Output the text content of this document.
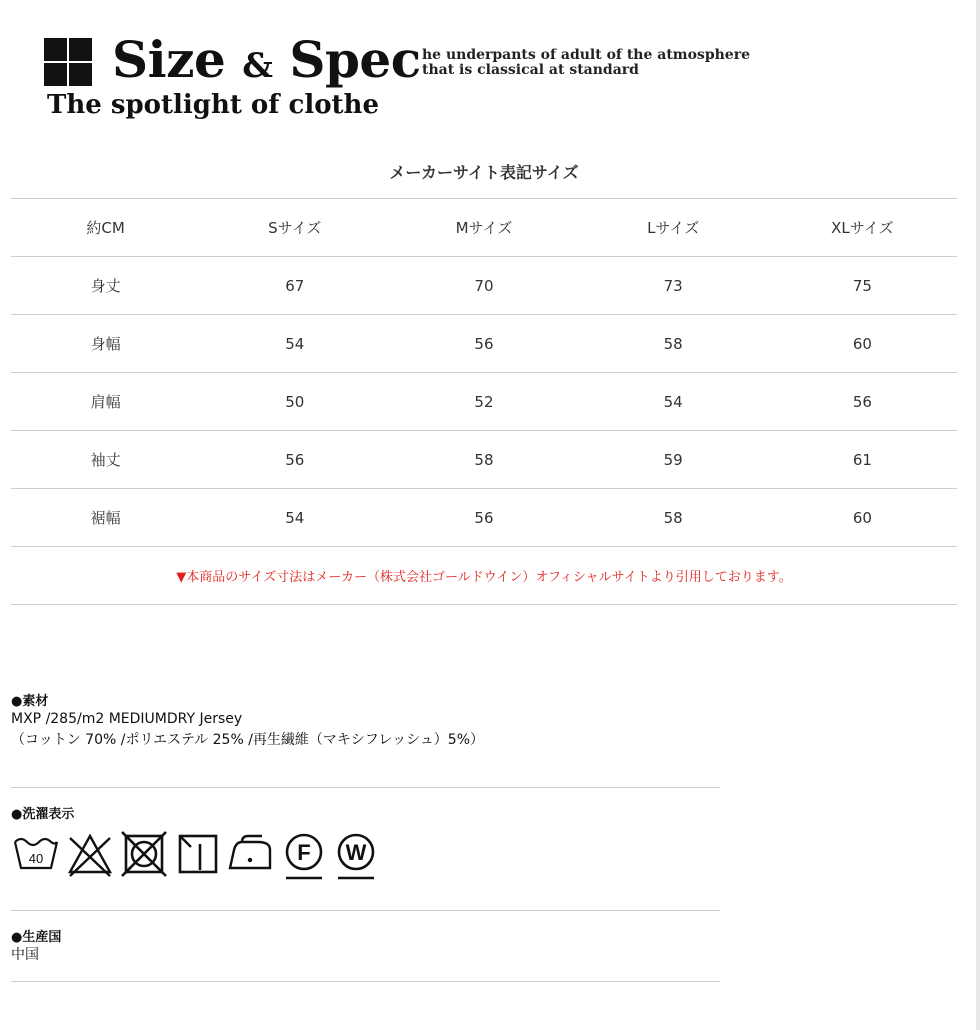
Size & Spec
The spotlight of clothe
he underpants of adult of the atmosphere
that is classical at standard
メーカーサイト表記サイズ
約CM	Sサイズ	Mサイズ	Lサイズ	XLサイズ
身丈	67	70	73	75
身幅	54	56	58	60
肩幅	50	52	54	56
袖丈	56	58	59	61
裾幅	54	56	58	60
▼本商品のサイズ寸法はメーカー（株式会社ゴールドウイン）オフィシャルサイトより引用しております。				
●素材
MXP /285/m2 MEDIUMDRY Jersey
（コットン 70% /ポリエステル 25% /再生繊維（マキシフレッシュ）5%）
●洗濯表示
40	F W
●生産国
中国
